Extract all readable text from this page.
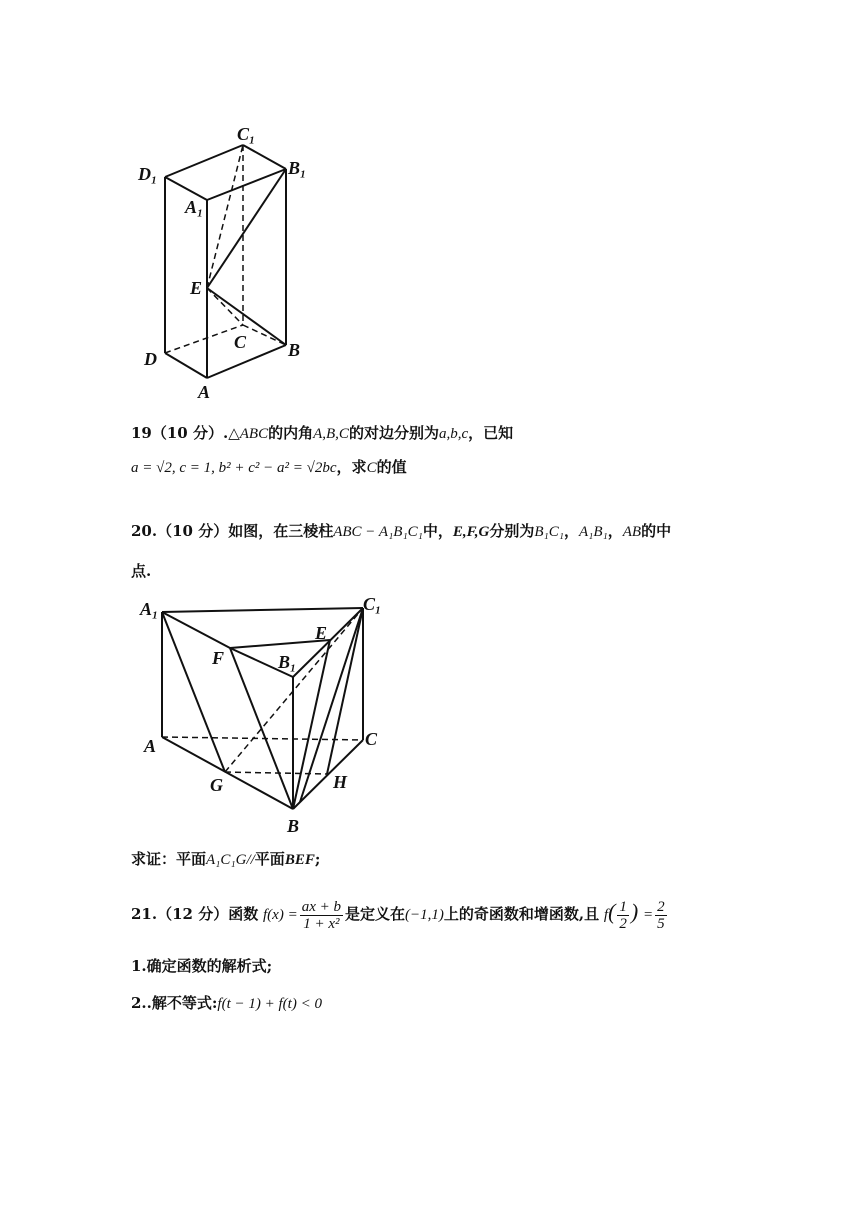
C₁
D₁	B₁
A₁
E
C
D	B
A
19（10 分）.△ABC的内角A,B,C的对边分别为a,b,c，已知
a = √2, c = 1, b² + c² − a² = √2bc，求C的值
20.（10 分）如图，在三棱柱ABC − A₁B₁C₁中，E,F,G分别为B₁C₁，A₁B₁，AB的中
点.
A₁	C₁
E
F	B₁
A	C
G	H
B
求证：平面A₁C₁G//平面BEF;
21.（12 分）函数 $f(x) = \frac{ax + b}{\text{1 + x²}}$ 是定义在(−1,1)上的奇函数和增函数,且 $f( \frac{1}{2}$ ) = $\frac{2}{5}$
1.确定函数的解析式;
2..解不等式:f(t − 1) + f(t) < 0
